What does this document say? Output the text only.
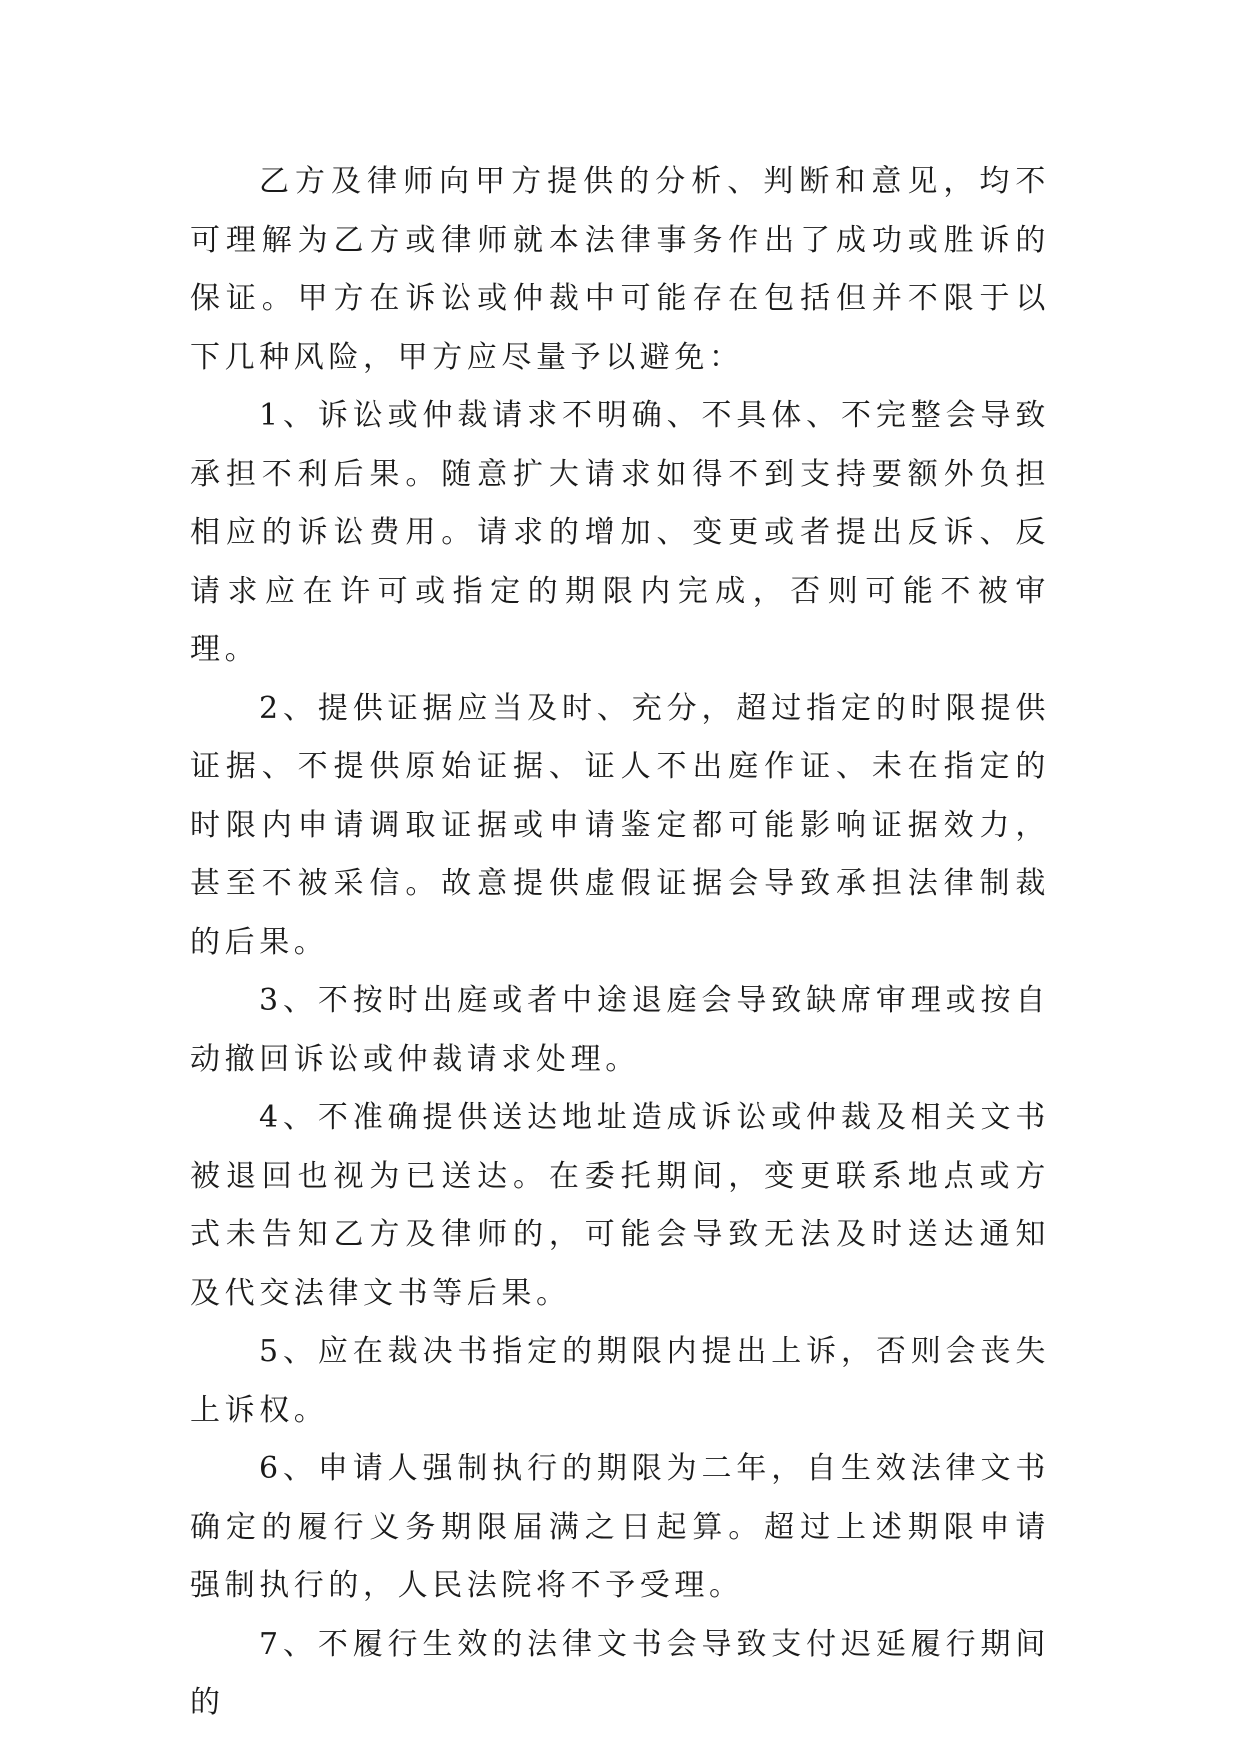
乙方及律师向甲方提供的分析、判断和意见，均不可理解为乙方或律师就本法律事务作出了成功或胜诉的保证。甲方在诉讼或仲裁中可能存在包括但并不限于以下几种风险，甲方应尽量予以避免：

1、诉讼或仲裁请求不明确、不具体、不完整会导致承担不利后果。随意扩大请求如得不到支持要额外负担相应的诉讼费用。请求的增加、变更或者提出反诉、反请求应在许可或指定的期限内完成，否则可能不被审理。

2、提供证据应当及时、充分，超过指定的时限提供证据、不提供原始证据、证人不出庭作证、未在指定的时限内申请调取证据或申请鉴定都可能影响证据效力，甚至不被采信。故意提供虚假证据会导致承担法律制裁的后果。

3、不按时出庭或者中途退庭会导致缺席审理或按自动撤回诉讼或仲裁请求处理。

4、不准确提供送达地址造成诉讼或仲裁及相关文书被退回也视为已送达。在委托期间，变更联系地点或方式未告知乙方及律师的，可能会导致无法及时送达通知及代交法律文书等后果。

5、应在裁决书指定的期限内提出上诉，否则会丧失上诉权。

6、申请人强制执行的期限为二年，自生效法律文书确定的履行义务期限届满之日起算。超过上述期限申请强制执行的，人民法院将不予受理。

7、不履行生效的法律文书会导致支付迟延履行期间的
